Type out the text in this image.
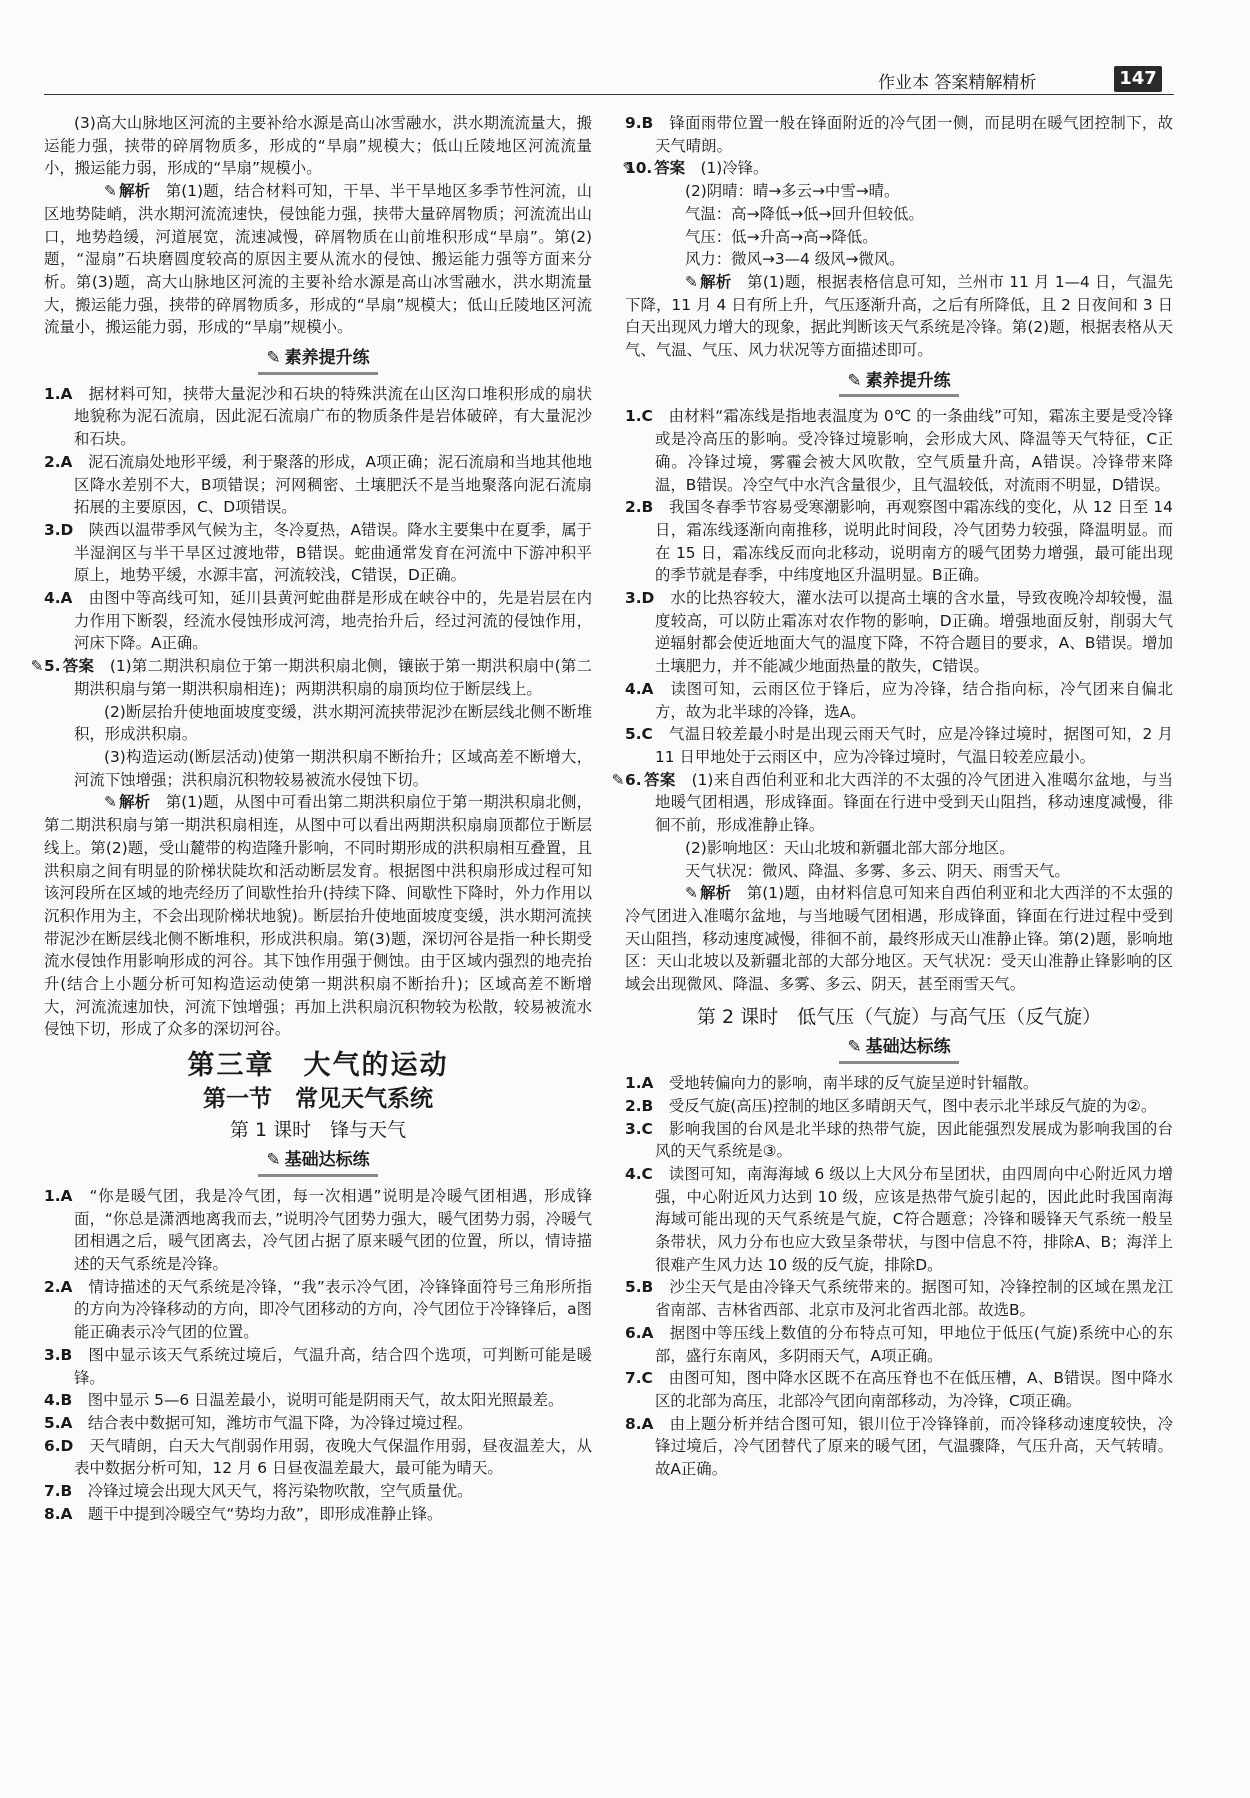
作业本 答案精解精析	147

(3)高大山脉地区河流的主要补给水源是高山冰雪融水，洪水期流流量大，搬运能力强，挟带的碎屑物质多，形成的“旱扇”规模大；低山丘陵地区河流流量小，搬运能力弱，形成的“旱扇”规模小。

✎ 解析　 第(1)题，结合材料可知，干旱、半干旱地区多季节性河流，山区地势陡峭，洪水期河流流速快，侵蚀能力强，挟带大量碎屑物质；河流流出山口，地势趋缓，河道展宽，流速减慢，碎屑物质在山前堆积形成“旱扇”。第(2)题，“湿扇”石块磨圆度较高的原因主要从流水的侵蚀、搬运能力强等方面来分析。第(3)题，高大山脉地区河流的主要补给水源是高山冰雪融水，洪水期流量大，搬运能力强，挟带的碎屑物质多，形成的“旱扇”规模大；低山丘陵地区河流流量小，搬运能力弱，形成的“旱扇”规模小。

✎ 素养提升练

1.A　 据材料可知，挟带大量泥沙和石块的特殊洪流在山区沟口堆积形成的扇状地貌称为泥石流扇，因此泥石流扇广布的物质条件是岩体破碎，有大量泥沙和石块。

2.A　 泥石流扇处地形平缓，利于聚落的形成，A项正确；泥石流扇和当地其他地区降水差别不大，B项错误；河网稠密、土壤肥沃不是当地聚落向泥石流扇拓展的主要原因，C、D项错误。

3.D　 陕西以温带季风气候为主，冬冷夏热，A错误。降水主要集中在夏季，属于半湿润区与半干旱区过渡地带，B错误。蛇曲通常发育在河流中下游冲积平原上，地势平缓，水源丰富，河流较浅，C错误，D正确。

4.A　 由图中等高线可知，延川县黄河蛇曲群是形成在峡谷中的，先是岩层在内力作用下断裂，经流水侵蚀形成河湾，地壳抬升后，经过河流的侵蚀作用，河床下降。A正确。

5. ✎ 答案　 (1)第二期洪积扇位于第一期洪积扇北侧，镶嵌于第一期洪积扇中(第二期洪积扇与第一期洪积扇相连)；两期洪积扇的扇顶均位于断层线上。

(2)断层抬升使地面坡度变缓，洪水期河流挟带泥沙在断层线北侧不断堆积，形成洪积扇。

(3)构造运动(断层活动)使第一期洪积扇不断抬升；区域高差不断增大，河流下蚀增强；洪积扇沉积物较易被流水侵蚀下切。

✎ 解析　 第(1)题，从图中可看出第二期洪积扇位于第一期洪积扇北侧，第二期洪积扇与第一期洪积扇相连，从图中可以看出两期洪积扇扇顶都位于断层线上。第(2)题，受山麓带的构造隆升影响，不同时期形成的洪积扇相互叠置，且洪积扇之间有明显的阶梯状陡坎和活动断层发育。根据图中洪积扇形成过程可知该河段所在区域的地壳经历了间歇性抬升(持续下降、间歇性下降时，外力作用以沉积作用为主，不会出现阶梯状地貌)。断层抬升使地面坡度变缓，洪水期河流挟带泥沙在断层线北侧不断堆积，形成洪积扇。第(3)题，深切河谷是指一种长期受流水侵蚀作用影响形成的河谷。其下蚀作用强于侧蚀。由于区域内强烈的地壳抬升(结合上小题分析可知构造运动使第一期洪积扇不断抬升)；区域高差不断增大，河流流速加快，河流下蚀增强；再加上洪积扇沉积物较为松散，较易被流水侵蚀下切，形成了众多的深切河谷。

第三章　大气的运动
第一节　常见天气系统
第 1 课时　锋与天气
✎ 基础达标练

1.A　 “你是暖气团，我是冷气团，每一次相遇”说明是冷暖气团相遇，形成锋面，“你总是潇洒地离我而去，”说明冷气团势力强大，暖气团势力弱，冷暖气团相遇之后，暖气团离去，冷气团占据了原来暖气团的位置，所以，情诗描述的天气系统是冷锋。

2.A　 情诗描述的天气系统是冷锋，“我”表示冷气团，冷锋锋面符号三角形所指的方向为冷锋移动的方向，即冷气团移动的方向，冷气团位于冷锋锋后，a图能正确表示冷气团的位置。

3.B　 图中显示该天气系统过境后，气温升高，结合四个选项，可判断可能是暖锋。

4.B　 图中显示 5—6 日温差最小，说明可能是阴雨天气，故太阳光照最差。

5.A　 结合表中数据可知，潍坊市气温下降，为冷锋过境过程。

6.D　 天气晴朗，白天大气削弱作用弱，夜晚大气保温作用弱，昼夜温差大，从表中数据分析可知，12 月 6 日昼夜温差最大，最可能为晴天。

7.B　 冷锋过境会出现大风天气，将污染物吹散，空气质量优。

8.A　 题干中提到冷暖空气“势均力敌”，即形成准静止锋。

9.B　 锋面雨带位置一般在锋面附近的冷气团一侧，而昆明在暖气团控制下，故天气晴朗。

10. ✎ 答案　 (1)冷锋。

(2)阴晴：晴→多云→中雪→晴。

气温：高→降低→低→回升但较低。

气压：低→升高→高→降低。

风力：微风→3—4 级风→微风。

✎ 解析　 第(1)题，根据表格信息可知，兰州市 11 月 1—4 日，气温先下降，11 月 4 日有所上升，气压逐渐升高，之后有所降低，且 2 日夜间和 3 日白天出现风力增大的现象，据此判断该天气系统是冷锋。第(2)题，根据表格从天气、气温、气压、风力状况等方面描述即可。

✎ 素养提升练

1.C　 由材料“霜冻线是指地表温度为 0℃ 的一条曲线”可知，霜冻主要是受冷锋或是冷高压的影响。受冷锋过境影响，会形成大风、降温等天气特征，C正确。冷锋过境，雾霾会被大风吹散，空气质量升高，A错误。冷锋带来降温，B错误。冷空气中水汽含量很少，且气温较低，对流雨不明显，D错误。

2.B　 我国冬春季节容易受寒潮影响，再观察图中霜冻线的变化，从 12 日至 14 日，霜冻线逐渐向南推移，说明此时间段，冷气团势力较强，降温明显。而在 15 日，霜冻线反而向北移动，说明南方的暖气团势力增强，最可能出现的季节就是春季，中纬度地区升温明显。B正确。

3.D　 水的比热容较大，灌水法可以提高土壤的含水量，导致夜晚冷却较慢，温度较高，可以防止霜冻对农作物的影响，D正确。增强地面反射，削弱大气逆辐射都会使近地面大气的温度下降，不符合题目的要求，A、B错误。增加土壤肥力，并不能减少地面热量的散失，C错误。

4.A　 读图可知，云雨区位于锋后，应为冷锋，结合指向标，冷气团来自偏北方，故为北半球的冷锋，选A。

5.C　 气温日较差最小时是出现云雨天气时，应是冷锋过境时，据图可知，2 月 11 日甲地处于云雨区中，应为冷锋过境时，气温日较差应最小。

6. ✎ 答案　 (1)来自西伯利亚和北大西洋的不太强的冷气团进入准噶尔盆地，与当地暖气团相遇，形成锋面。锋面在行进中受到天山阻挡，移动速度减慢，徘徊不前，形成准静止锋。

(2)影响地区：天山北坡和新疆北部大部分地区。

天气状况：微风、降温、多雾、多云、阴天、雨雪天气。

✎ 解析　 第(1)题，由材料信息可知来自西伯利亚和北大西洋的不太强的冷气团进入准噶尔盆地，与当地暖气团相遇，形成锋面，锋面在行进过程中受到天山阻挡，移动速度减慢，徘徊不前，最终形成天山准静止锋。第(2)题，影响地区：天山北坡以及新疆北部的大部分地区。天气状况：受天山准静止锋影响的区域会出现微风、降温、多雾、多云、阴天，甚至雨雪天气。

第 2 课时　低气压（气旋）与高气压（反气旋）
✎ 基础达标练

1.A　 受地转偏向力的影响，南半球的反气旋呈逆时针辐散。

2.B　 受反气旋(高压)控制的地区多晴朗天气，图中表示北半球反气旋的为②。

3.C　 影响我国的台风是北半球的热带气旋，因此能强烈发展成为影响我国的台风的天气系统是③。

4.C　 读图可知，南海海域 6 级以上大风分布呈团状，由四周向中心附近风力增强，中心附近风力达到 10 级，应该是热带气旋引起的，因此此时我国南海海域可能出现的天气系统是气旋，C符合题意；冷锋和暖锋天气系统一般呈条带状，风力分布也应大致呈条带状，与图中信息不符，排除A、B；海洋上很难产生风力达 10 级的反气旋，排除D。

5.B　 沙尘天气是由冷锋天气系统带来的。据图可知，冷锋控制的区域在黑龙江省南部、吉林省西部、北京市及河北省西北部。故选B。

6.A　 据图中等压线上数值的分布特点可知，甲地位于低压(气旋)系统中心的东部，盛行东南风，多阴雨天气，A项正确。

7.C　 由图可知，图中降水区既不在高压脊也不在低压槽，A、B错误。图中降水区的北部为高压，北部冷气团向南部移动，为冷锋，C项正确。

8.A　 由上题分析并结合图可知，银川位于冷锋锋前，而冷锋移动速度较快，冷锋过境后，冷气团替代了原来的暖气团，气温骤降，气压升高，天气转晴。故A正确。
